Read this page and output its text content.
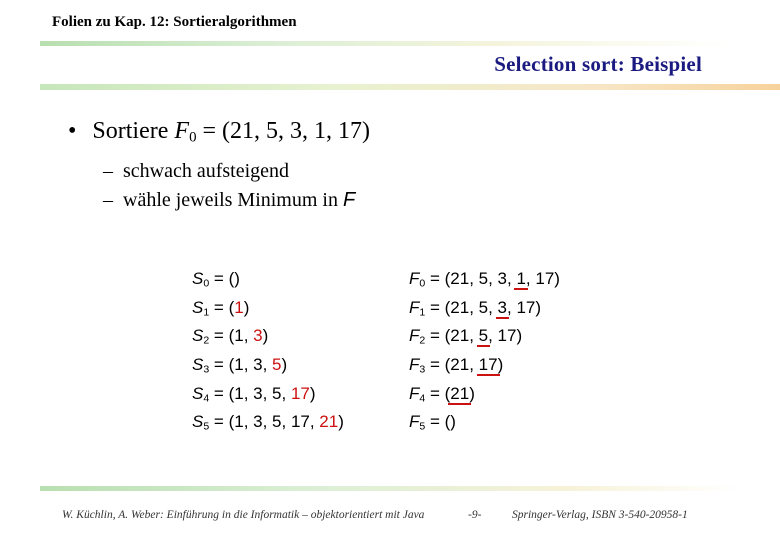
Folien zu Kap. 12: Sortieralgorithmen
Selection sort: Beispiel
• Sortiere $F_0 = (21$, 5, 3, 1, 17)
– schwach aufsteigend
– wähle jeweils Minimum in F
$S_0$ = ()
$S_1 = (1)$
$S_2 = (1$, 3)
$S_3 = (1$, 3, 5)
$S_4 = (1$, 3, 5, 17)
$S_5 = (1$, 3, 5, 17, 21)
$F_0 = (21$, 5, 3, 1, 17)
$F_1 = (21$, 5, 3, 17)
$F_2 = (21$, 5, 17)
$F_3 = (21$, 17)
$F_4 = (21)$
$F_5$ = ()
W. Küchlin, A. Weber: Einführung in die Informatik – objektorientiert mit Java	-9-	Springer-Verlag, ISBN 3-540-20958-1
